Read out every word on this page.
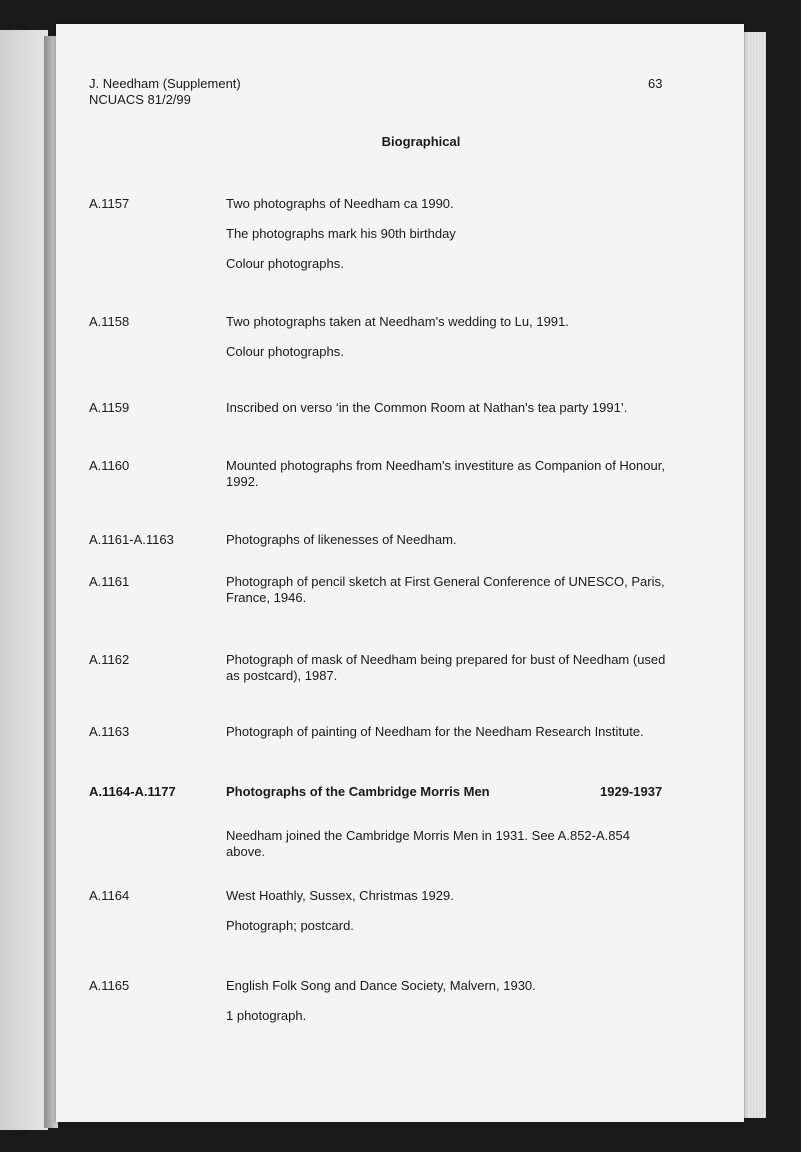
J. Needham (Supplement)
NCUACS 81/2/99
63
Biographical
A.1157	Two photographs of Needham ca 1990.

The photographs mark his 90th birthday

Colour photographs.

A.1158	Two photographs taken at Needham's wedding to Lu, 1991.

Colour photographs.

A.1159	Inscribed on verso ‘in the Common Room at Nathan's tea party 1991’.

A.1160	Mounted photographs from Needham's investiture as Companion of Honour, 1992.

A.1161-A.1163	Photographs of likenesses of Needham.

A.1161	Photograph of pencil sketch at First General Conference of UNESCO, Paris, France, 1946.

A.1162	Photograph of mask of Needham being prepared for bust of Needham (used as postcard), 1987.

A.1163	Photograph of painting of Needham for the Needham Research Institute.

A.1164-A.1177	Photographs of the Cambridge Morris Men	1929-1937

Needham joined the Cambridge Morris Men in 1931. See A.852-A.854 above.

A.1164	West Hoathly, Sussex, Christmas 1929.

Photograph; postcard.

A.1165	English Folk Song and Dance Society, Malvern, 1930.

1 photograph.
